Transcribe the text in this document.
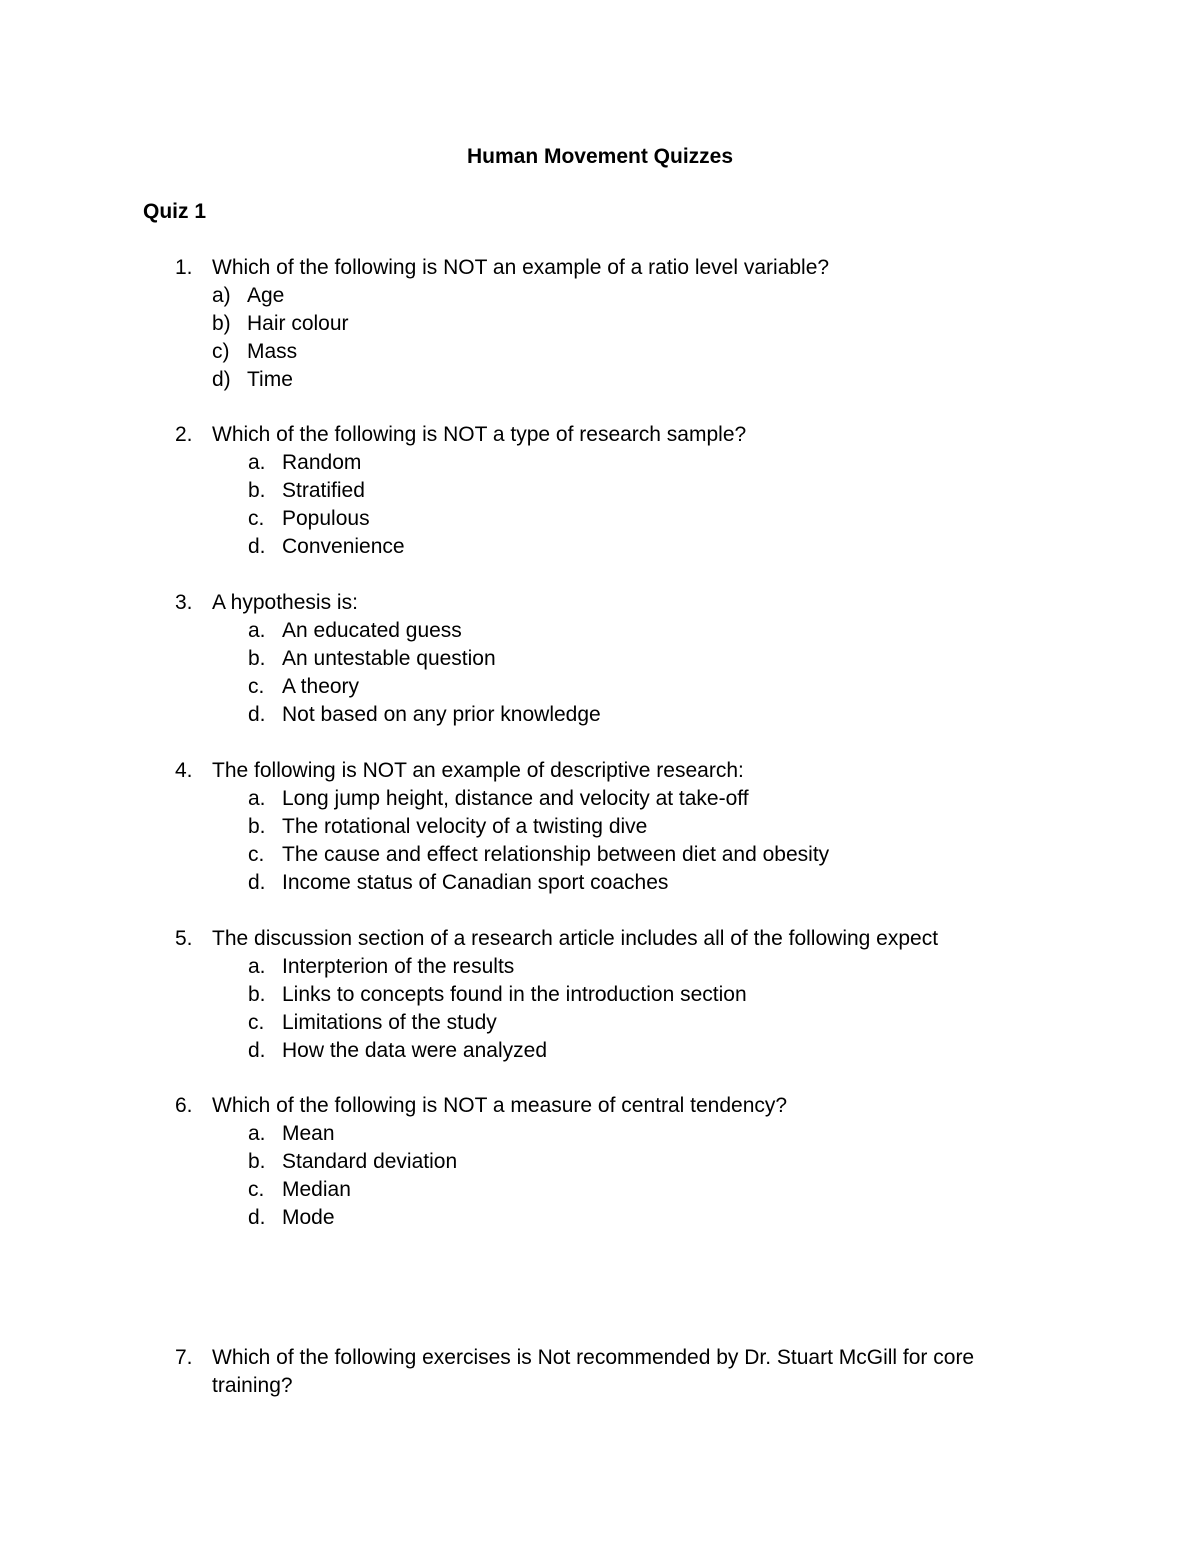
Human Movement Quizzes
Quiz 1
1. Which of the following is NOT an example of a ratio level variable?
a) Age
b) Hair colour
c) Mass
d) Time
2. Which of the following is NOT a type of research sample?
a. Random
b. Stratified
c. Populous
d. Convenience
3. A hypothesis is:
a. An educated guess
b. An untestable question
c. A theory
d. Not based on any prior knowledge
4. The following is NOT an example of descriptive research:
a. Long jump height, distance and velocity at take-off
b. The rotational velocity of a twisting dive
c. The cause and effect relationship between diet and obesity
d. Income status of Canadian sport coaches
5. The discussion section of a research article includes all of the following expect
a. Interpterion of the results
b. Links to concepts found in the introduction section
c. Limitations of the study
d. How the data were analyzed
6. Which of the following is NOT a measure of central tendency?
a. Mean
b. Standard deviation
c. Median
d. Mode
7. Which of the following exercises is Not recommended by Dr. Stuart McGill for core training?
